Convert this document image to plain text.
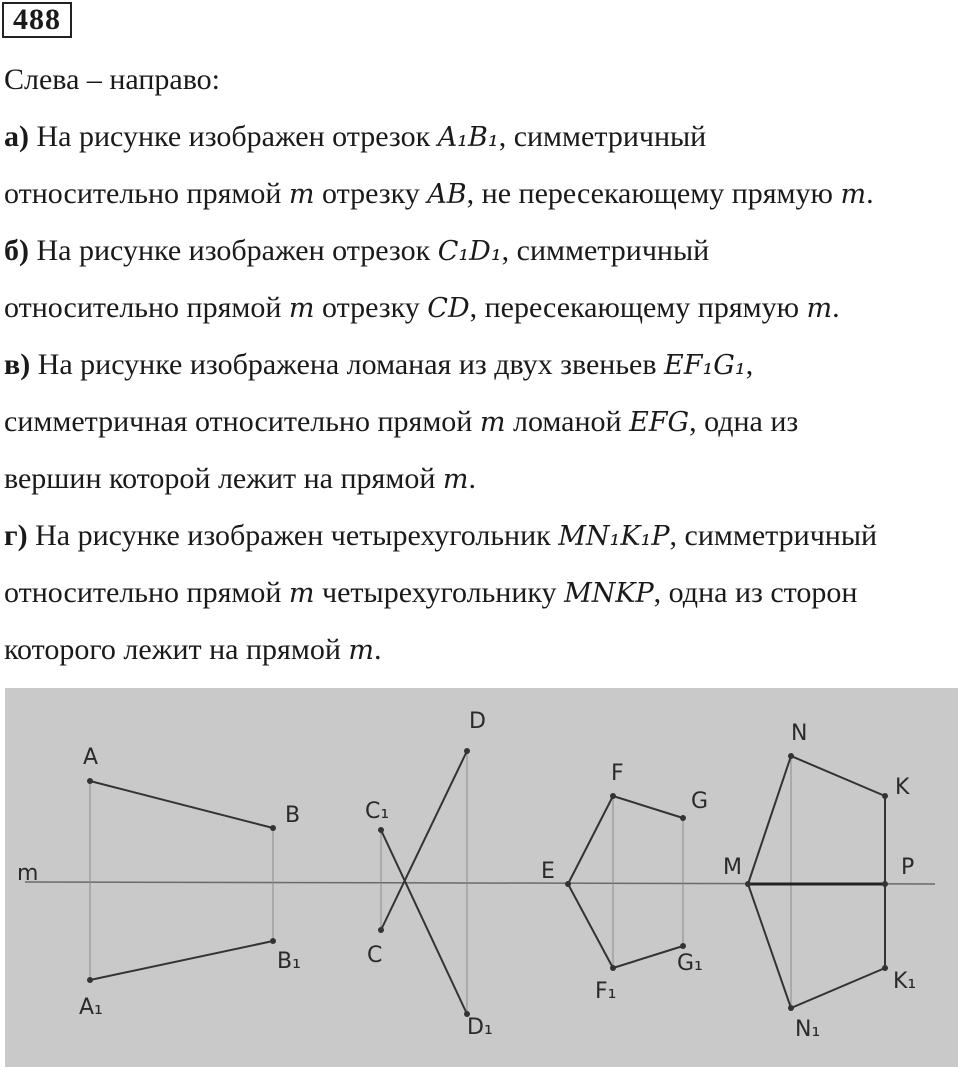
488
Слева – направо:
а) На рисунке изображен отрезок A₁B₁, симметричный
относительно прямой m отрезку AB, не пересекающему прямую m.
б) На рисунке изображен отрезок C₁D₁, симметричный
относительно прямой m отрезку CD, пересекающему прямую m.
в) На рисунке изображена ломаная из двух звеньев EF₁G₁,
симметричная относительно прямой m ломаной EFG, одна из
вершин которой лежит на прямой m.
г) На рисунке изображен четырехугольник MN₁K₁P, симметричный
относительно прямой m четырехугольнику MNKP, одна из сторон
которого лежит на прямой m.
m
A
B
A₁
B₁
C₁
C
D
D₁
E
F
G
F₁
G₁
N
K
M	P
N₁
K₁
